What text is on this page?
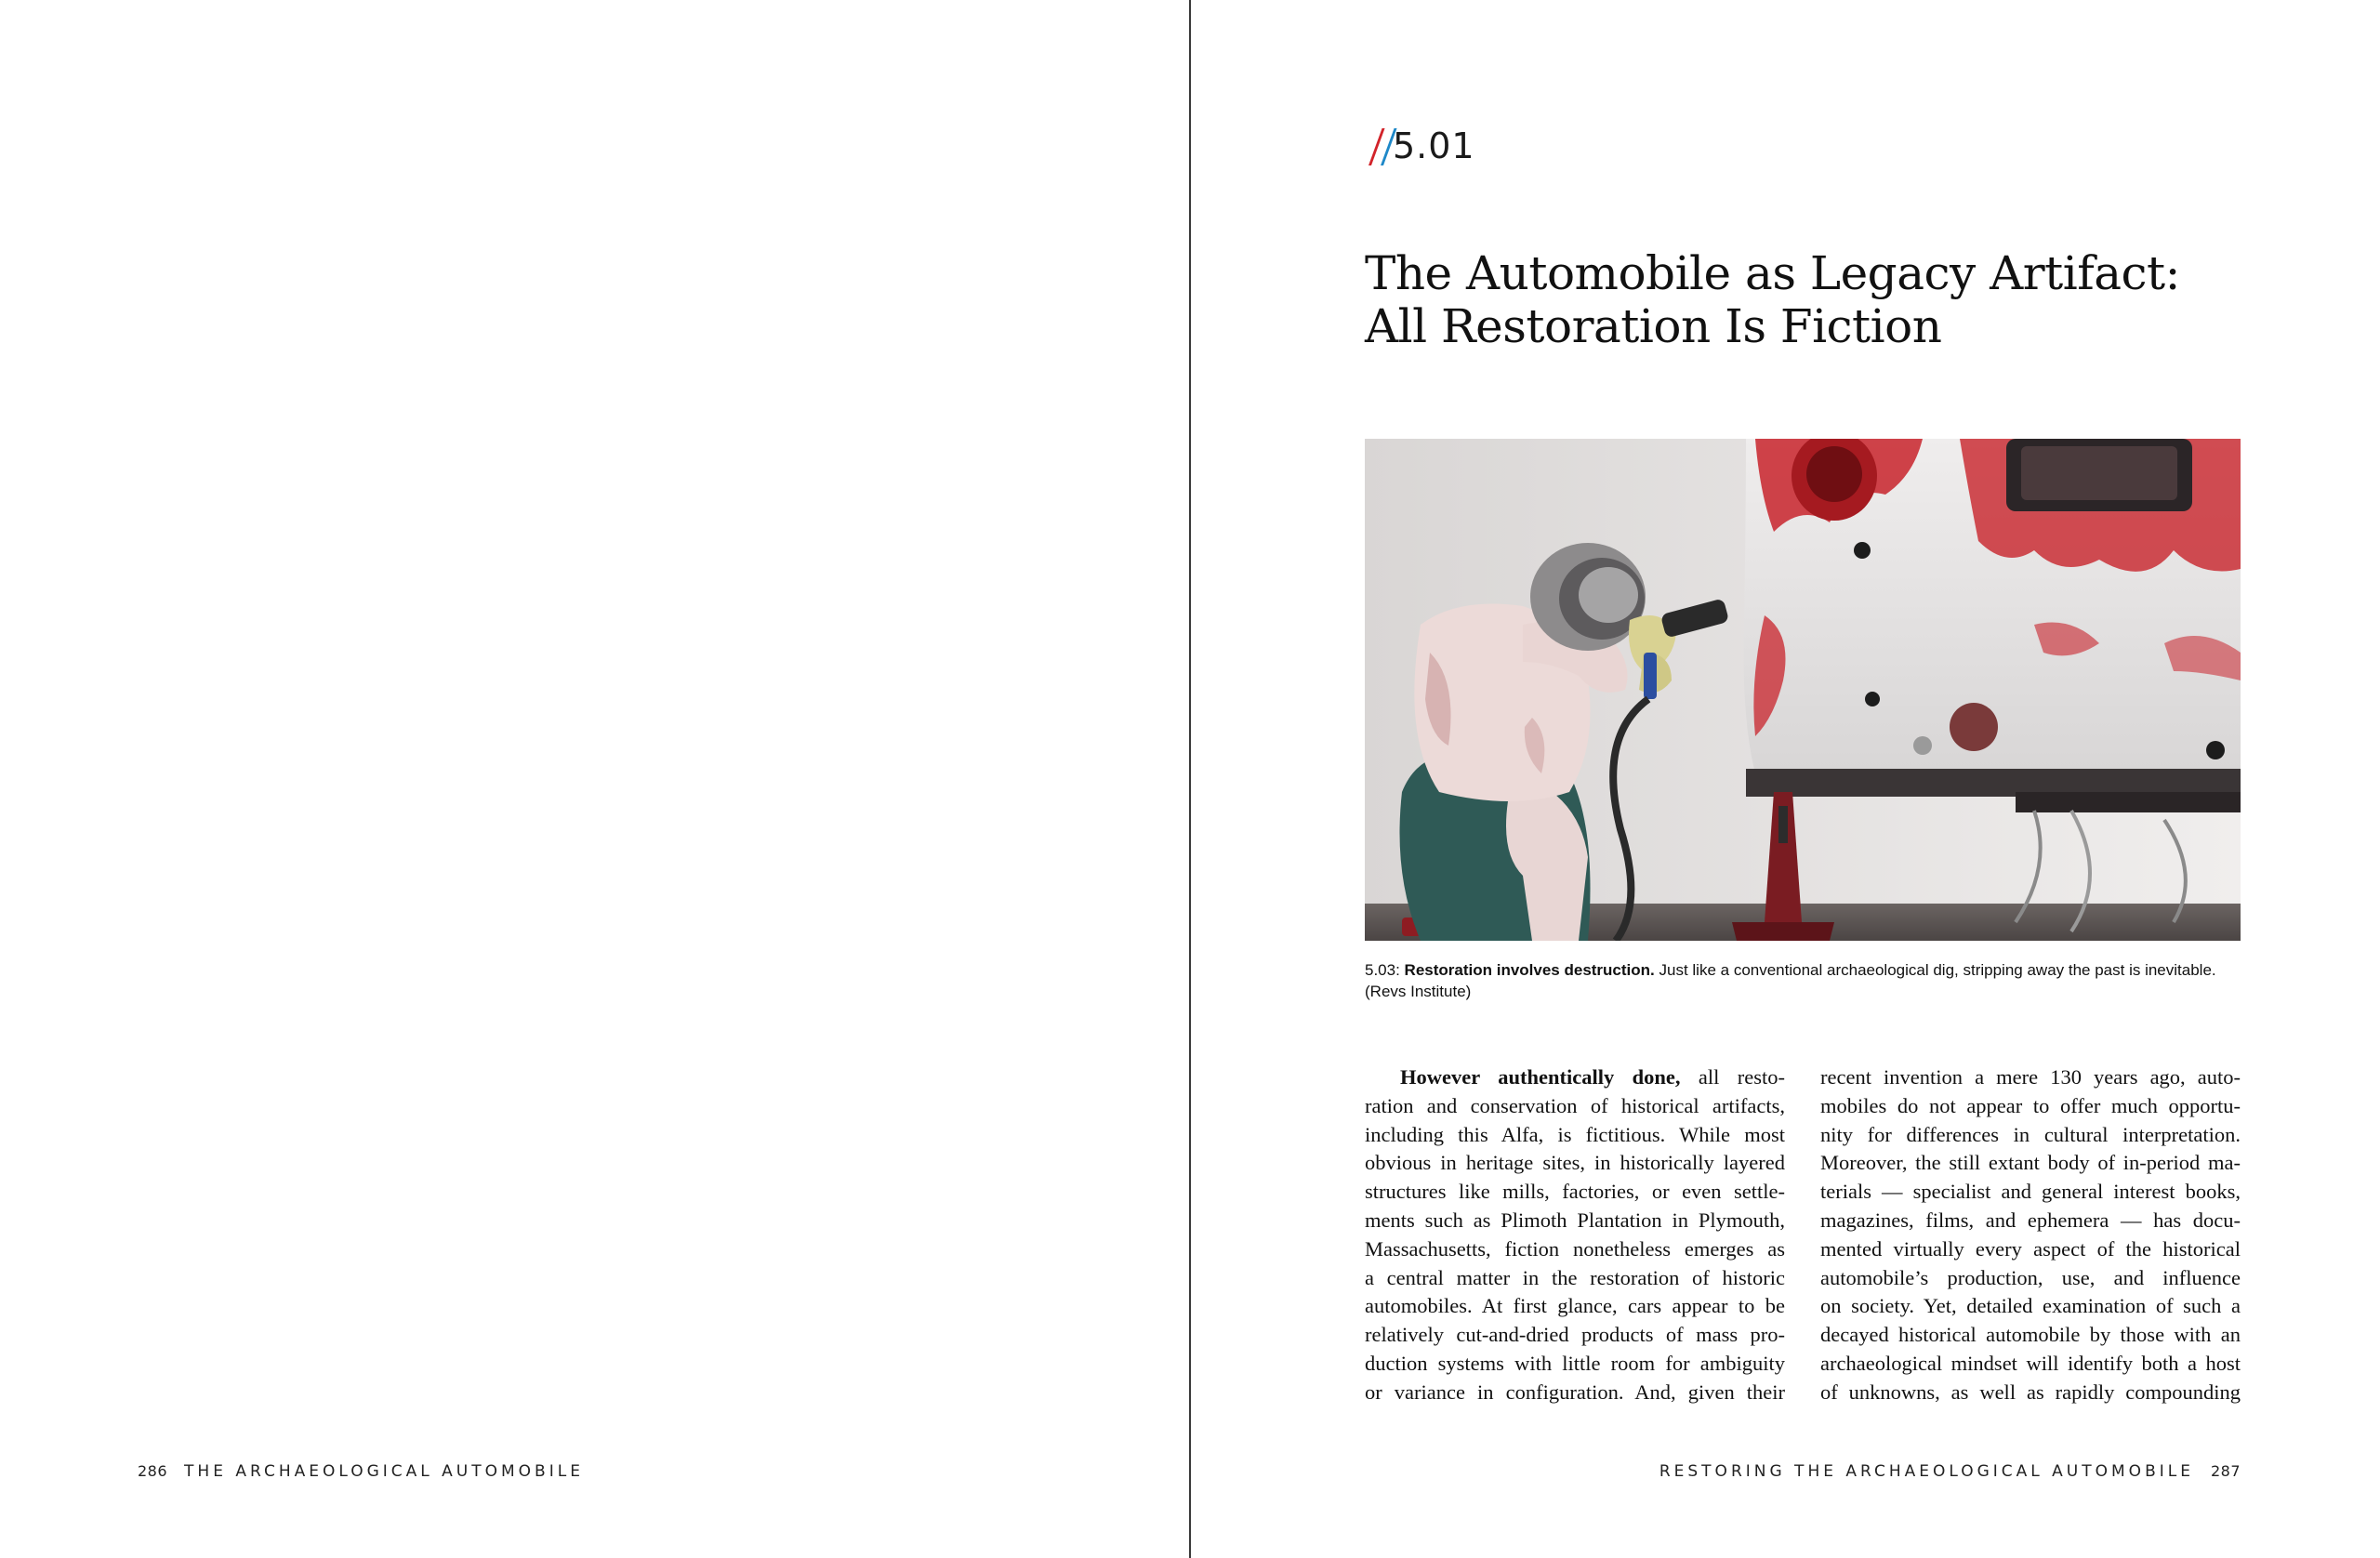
5.01
The Automobile as Legacy Artifact:
All Restoration Is Fiction
5.03: Restoration involves destruction. Just like a conventional archaeological dig, stripping away the past is inevitable.
(Revs Institute)
However authentically done, all resto-
ration and conservation of historical artifacts,
including this Alfa, is fictitious. While most
obvious in heritage sites, in historically layered
structures like mills, factories, or even settle-
ments such as Plimoth Plantation in Plymouth,
Massachusetts, fiction nonetheless emerges as
a central matter in the restoration of historic
automobiles. At first glance, cars appear to be
relatively cut-and-dried products of mass pro-
duction systems with little room for ambiguity
or variance in configuration. And, given their
recent invention a mere 130 years ago, auto-
mobiles do not appear to offer much opportu-
nity for differences in cultural interpretation.
Moreover, the still extant body of in-period ma-
terials — specialist and general interest books,
magazines, films, and ephemera — has docu-
mented virtually every aspect of the historical
automobile’s production, use, and influence
on society. Yet, detailed examination of such a
decayed historical automobile by those with an
archaeological mindset will identify both a host
of unknowns, as well as rapidly compounding
286 THE ARCHAEOLOGICAL AUTOMOBILE	RESTORING THE ARCHAEOLOGICAL AUTOMOBILE 287
